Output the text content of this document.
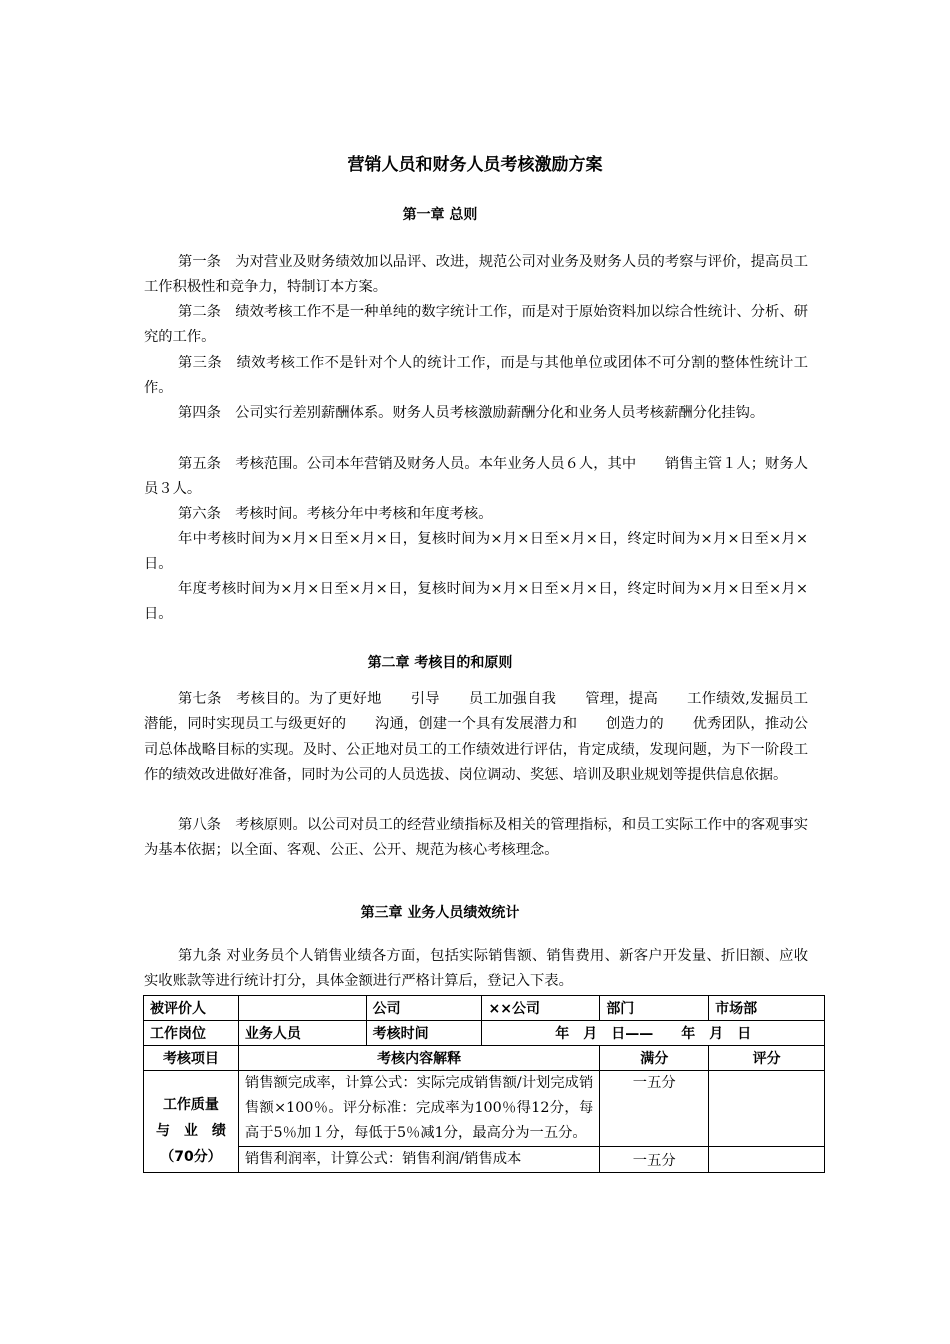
营销人员和财务人员考核激励方案
第一章 总则

第一条　为对营业及财务绩效加以品评、改进，规范公司对业务及财务人员的考察与评价，提高员工工作积极性和竞争力，特制订本方案。

第二条　绩效考核工作不是一种单纯的数字统计工作，而是对于原始资料加以综合性统计、分析、研究的工作。

第三条　绩效考核工作不是针对个人的统计工作，而是与其他单位或团体不可分割的整体性统计工作。

第四条　公司实行差别薪酬体系。财务人员考核激励薪酬分化和业务人员考核薪酬分化挂钩。

第五条　考核范围。公司本年营销及财务人员。本年业务人员６人，其中　　销售主管１人；财务人员３人。

第六条　考核时间。考核分年中考核和年度考核。

年中考核时间为×月×日至×月×日，复核时间为×月×日至×月×日，终定时间为×月×日至×月×日。

年度考核时间为×月×日至×月×日，复核时间为×月×日至×月×日，终定时间为×月×日至×月×日。

第二章 考核目的和原则

第七条　考核目的。为了更好地　　引导　　员工加强自我　　管理，提高　　工作绩效,发掘员工潜能，同时实现员工与级更好的　　沟通，创建一个具有发展潜力和　　创造力的　　优秀团队，推动公司总体战略目标的实现。及时、公正地对员工的工作绩效进行评估，肯定成绩，发现问题，为下一阶段工作的绩效改进做好准备，同时为公司的人员选拔、岗位调动、奖惩、培训及职业规划等提供信息依据。

第八条　考核原则。以公司对员工的经营业绩指标及相关的管理指标，和员工实际工作中的客观事实为基本依据；以全面、客观、公正、公开、规范为核心考核理念。

第三章 业务人员绩效统计

第九条 对业务员个人销售业绩各方面，包括实际销售额、销售费用、新客户开发量、折旧额、应收实收账款等进行统计打分，具体金额进行严格计算后，登记入下表。

被评价人		公司	××公司	部门	市场部
工作岗位	业务人员	考核时间	年　月　日——　　年　月　日		
考核项目	考核内容解释			满分	评分

工作质量
与　业　绩
（70分）	销售额完成率，计算公式：实际完成销售额/计划完成销售额×100％。评分标准：完成率为100％得12分，每高于5％加１分，每低于5％减1分，最高分为一五分。			一五分	
	销售利润率，计算公式：销售利润/销售成本			一五分	
